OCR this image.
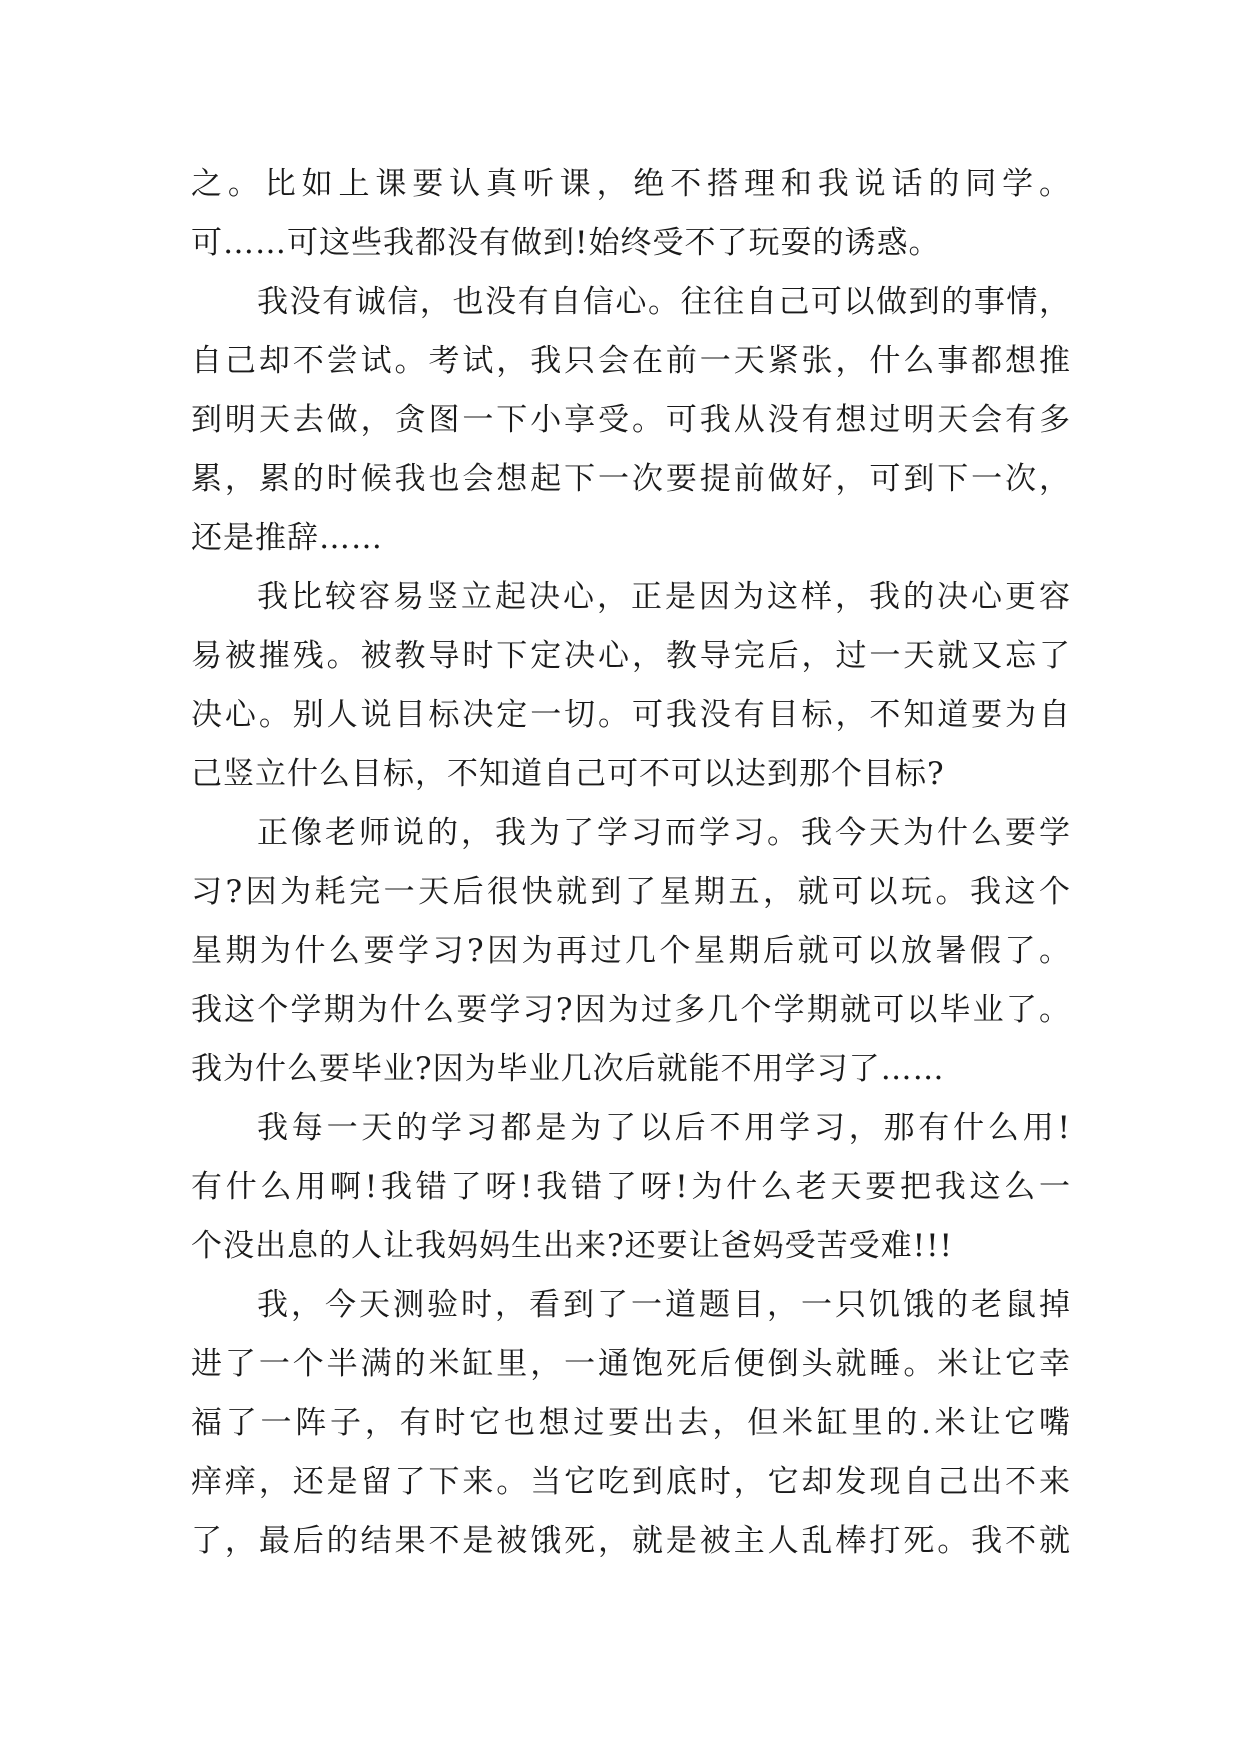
之。比如上课要认真听课，绝不搭理和我说话的同学。
可……可这些我都没有做到!始终受不了玩耍的诱惑。
我没有诚信，也没有自信心。往往自己可以做到的事情，
自己却不尝试。考试，我只会在前一天紧张，什么事都想推
到明天去做，贪图一下小享受。可我从没有想过明天会有多
累，累的时候我也会想起下一次要提前做好，可到下一次，
还是推辞……
我比较容易竖立起决心，正是因为这样，我的决心更容
易被摧残。被教导时下定决心，教导完后，过一天就又忘了
决心。别人说目标决定一切。可我没有目标，不知道要为自
己竖立什么目标，不知道自己可不可以达到那个目标?
正像老师说的，我为了学习而学习。我今天为什么要学
习?因为耗完一天后很快就到了星期五，就可以玩。我这个
星期为什么要学习?因为再过几个星期后就可以放暑假了。
我这个学期为什么要学习?因为过多几个学期就可以毕业了。
我为什么要毕业?因为毕业几次后就能不用学习了……
我每一天的学习都是为了以后不用学习，那有什么用!
有什么用啊!我错了呀!我错了呀!为什么老天要把我这么一
个没出息的人让我妈妈生出来?还要让爸妈受苦受难!!!
我，今天测验时，看到了一道题目，一只饥饿的老鼠掉
进了一个半满的米缸里，一通饱死后便倒头就睡。米让它幸
福了一阵子，有时它也想过要出去，但米缸里的.米让它嘴
痒痒，还是留了下来。当它吃到底时，它却发现自己出不来
了，最后的结果不是被饿死，就是被主人乱棒打死。我不就
